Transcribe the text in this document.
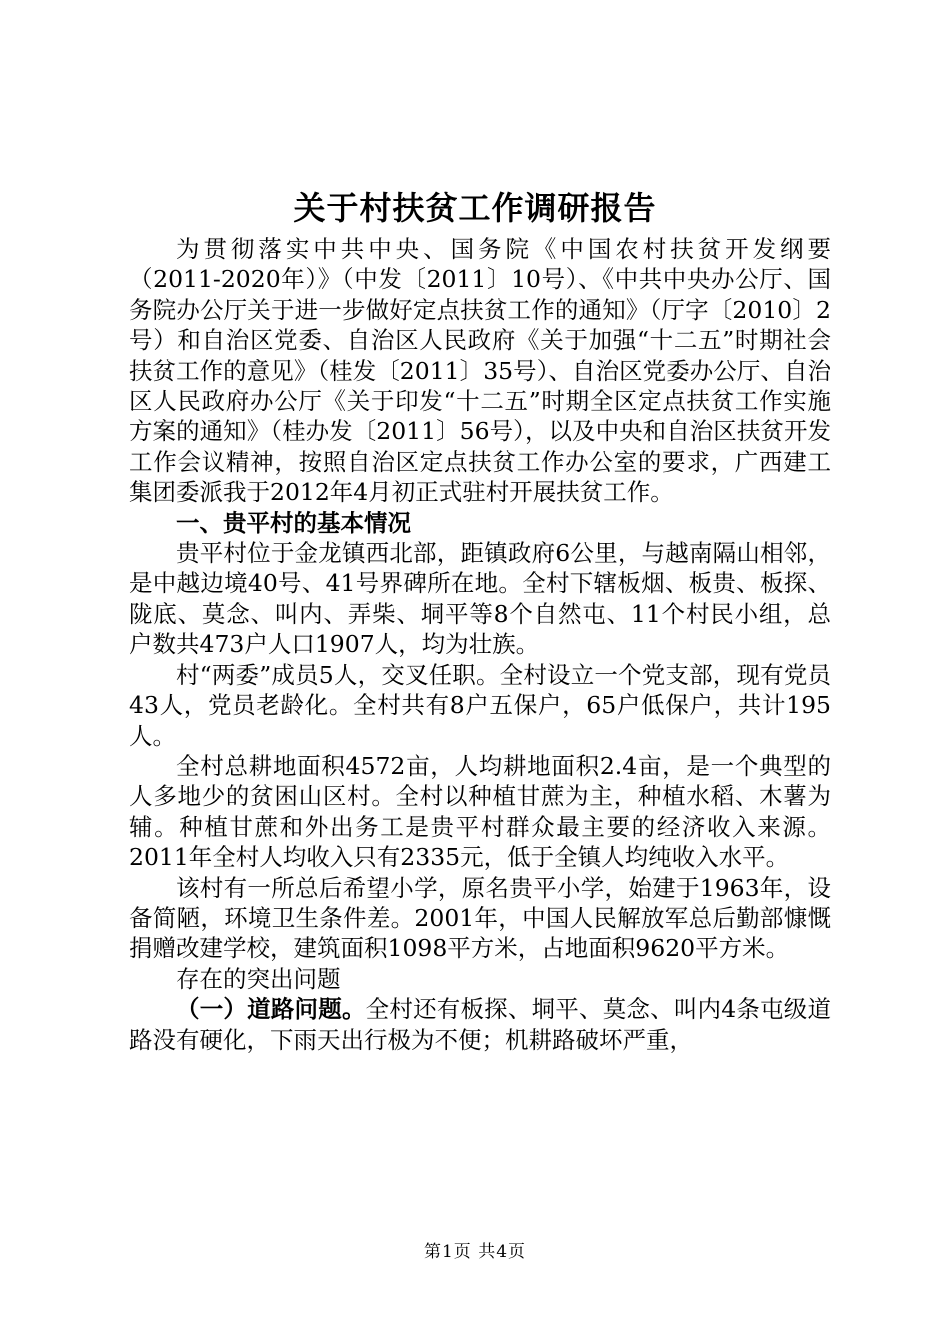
关于村扶贫工作调研报告

为贯彻落实中共中央、国务院《中国农村扶贫开发纲要（2011-2020年）》（中发〔2011〕10号）、《中共中央办公厅、国务院办公厅关于进一步做好定点扶贫工作的通知》（厅字〔2010〕2号）和自治区党委、自治区人民政府《关于加强“十二五”时期社会扶贫工作的意见》（桂发〔2011〕35号）、自治区党委办公厅、自治区人民政府办公厅《关于印发“十二五”时期全区定点扶贫工作实施方案的通知》（桂办发〔2011〕56号），以及中央和自治区扶贫开发工作会议精神，按照自治区定点扶贫工作办公室的要求，广西建工集团委派我于2012年4月初正式驻村开展扶贫工作。

一、贵平村的基本情况

贵平村位于金龙镇西北部，距镇政府6公里，与越南隔山相邻，是中越边境40号、41号界碑所在地。全村下辖板烟、板贵、板探、陇底、莫念、叫内、弄柴、垌平等8个自然屯、11个村民小组，总户数共473户人口1907人，均为壮族。

村“两委”成员5人，交叉任职。全村设立一个党支部，现有党员43人，党员老龄化。全村共有8户五保户，65户低保户，共计195人。

全村总耕地面积4572亩，人均耕地面积2.4亩，是一个典型的人多地少的贫困山区村。全村以种植甘蔗为主，种植水稻、木薯为辅。种植甘蔗和外出务工是贵平村群众最主要的经济收入来源。2011年全村人均收入只有2335元，低于全镇人均纯收入水平。

该村有一所总后希望小学，原名贵平小学，始建于1963年，设备简陋，环境卫生条件差。2001年，中国人民解放军总后勤部慷慨捐赠改建学校，建筑面积1098平方米，占地面积9620平方米。

存在的突出问题

（一）道路问题。全村还有板探、垌平、莫念、叫内4条屯级道路没有硬化，下雨天出行极为不便；机耕路破坏严重，

第1页 共4页
